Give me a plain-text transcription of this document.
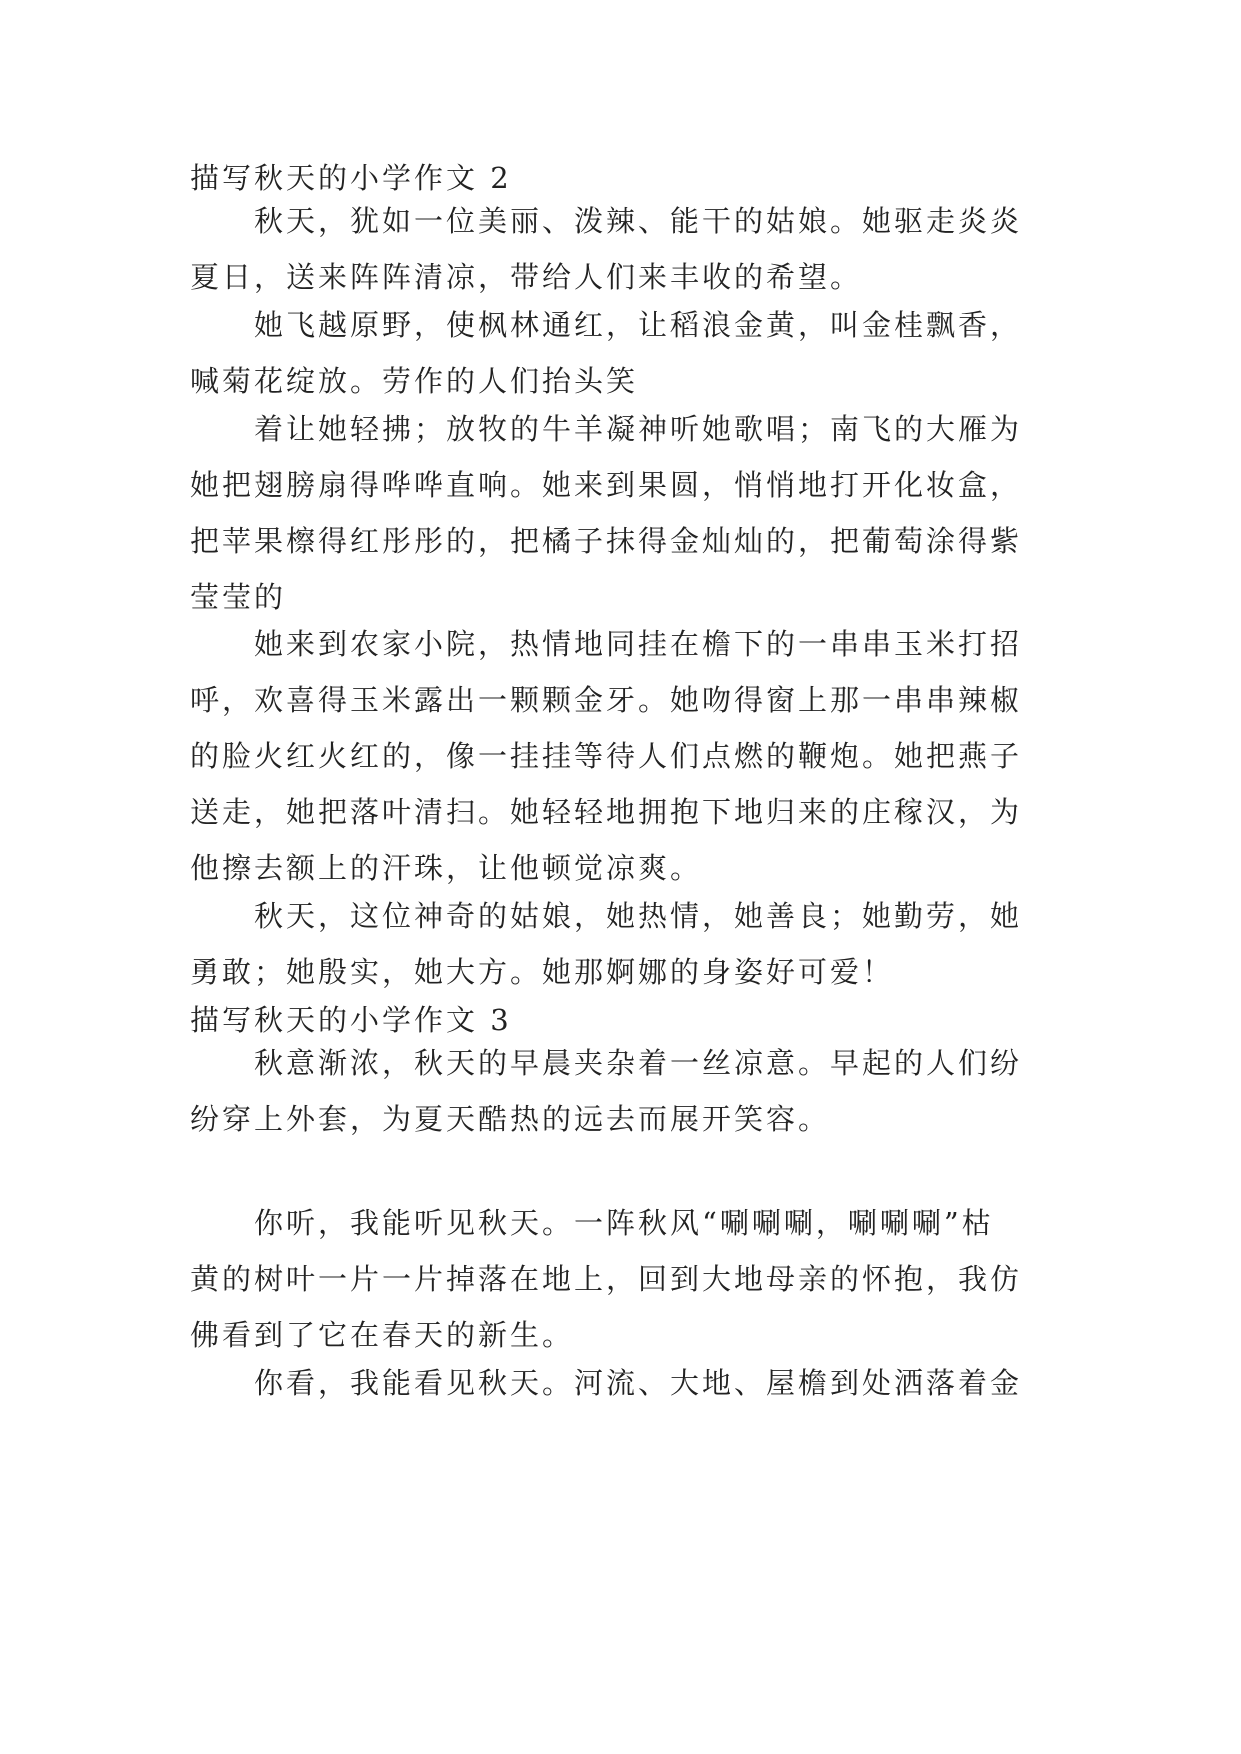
描写秋天的小学作文 2
秋天，犹如一位美丽、泼辣、能干的姑娘。她驱走炎炎
夏日，送来阵阵清凉，带给人们来丰收的希望。
她飞越原野，使枫林通红，让稻浪金黄，叫金桂飘香，
喊菊花绽放。劳作的人们抬头笑
着让她轻拂；放牧的牛羊凝神听她歌唱；南飞的大雁为
她把翅膀扇得哗哗直响。她来到果圆，悄悄地打开化妆盒，
把苹果檫得红彤彤的，把橘子抹得金灿灿的，把葡萄涂得紫
莹莹的
她来到农家小院，热情地同挂在檐下的一串串玉米打招
呼，欢喜得玉米露出一颗颗金牙。她吻得窗上那一串串辣椒
的脸火红火红的，像一挂挂等待人们点燃的鞭炮。她把燕子
送走，她把落叶清扫。她轻轻地拥抱下地归来的庄稼汉，为
他擦去额上的汗珠，让他顿觉凉爽。
秋天，这位神奇的姑娘，她热情，她善良；她勤劳，她
勇敢；她殷实，她大方。她那婀娜的身姿好可爱！
描写秋天的小学作文 3
秋意渐浓，秋天的早晨夹杂着一丝凉意。早起的人们纷
纷穿上外套，为夏天酷热的远去而展开笑容。
你听，我能听见秋天。一阵秋风“唰唰唰，唰唰唰”枯
黄的树叶一片一片掉落在地上，回到大地母亲的怀抱，我仿
佛看到了它在春天的新生。
你看，我能看见秋天。河流、大地、屋檐到处洒落着金
